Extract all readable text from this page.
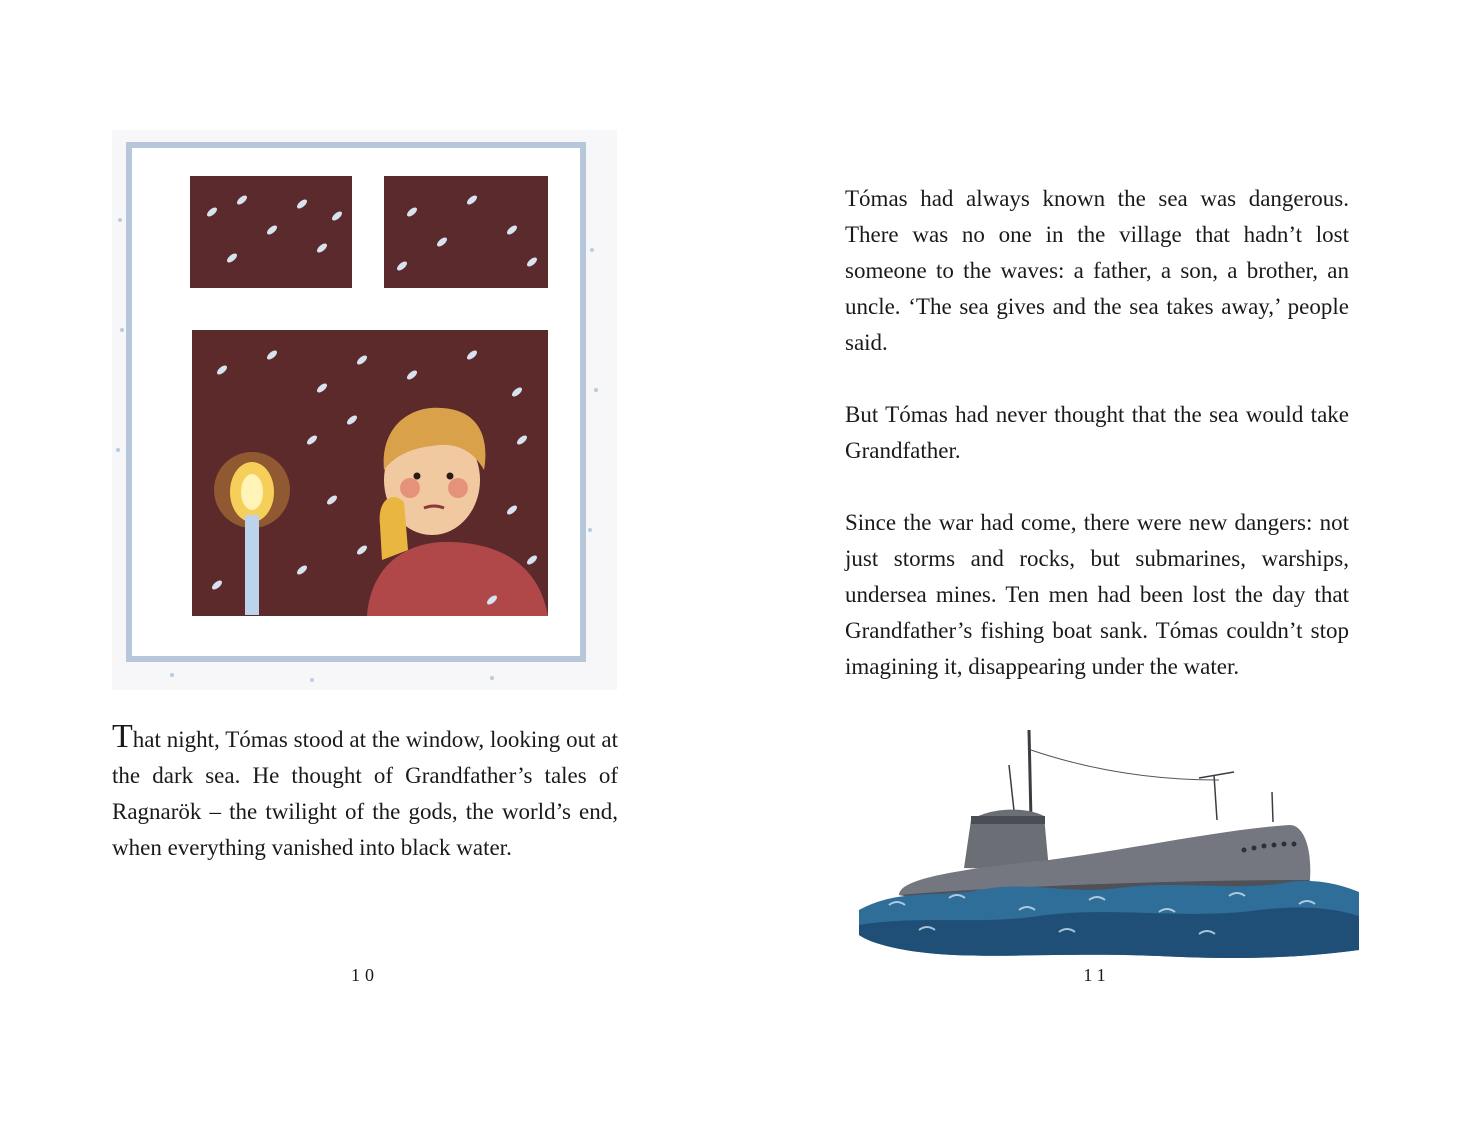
That night, Tómas stood at the window, looking out at the dark sea. He thought of Grandfather’s tales of Ragnarök – the twilight of the gods, the world’s end, when everything vanished into black water.

10

Tómas had always known the sea was dangerous. There was no one in the village that hadn’t lost someone to the waves: a father, a son, a brother, an uncle. ‘The sea gives and the sea takes away,’ people said.

But Tómas had never thought that the sea would take Grandfather.

Since the war had come, there were new dangers: not just storms and rocks, but submarines, warships, undersea mines. Ten men had been lost the day that Grandfather’s fishing boat sank. Tómas couldn’t stop imagining it, disappearing under the water.

11
